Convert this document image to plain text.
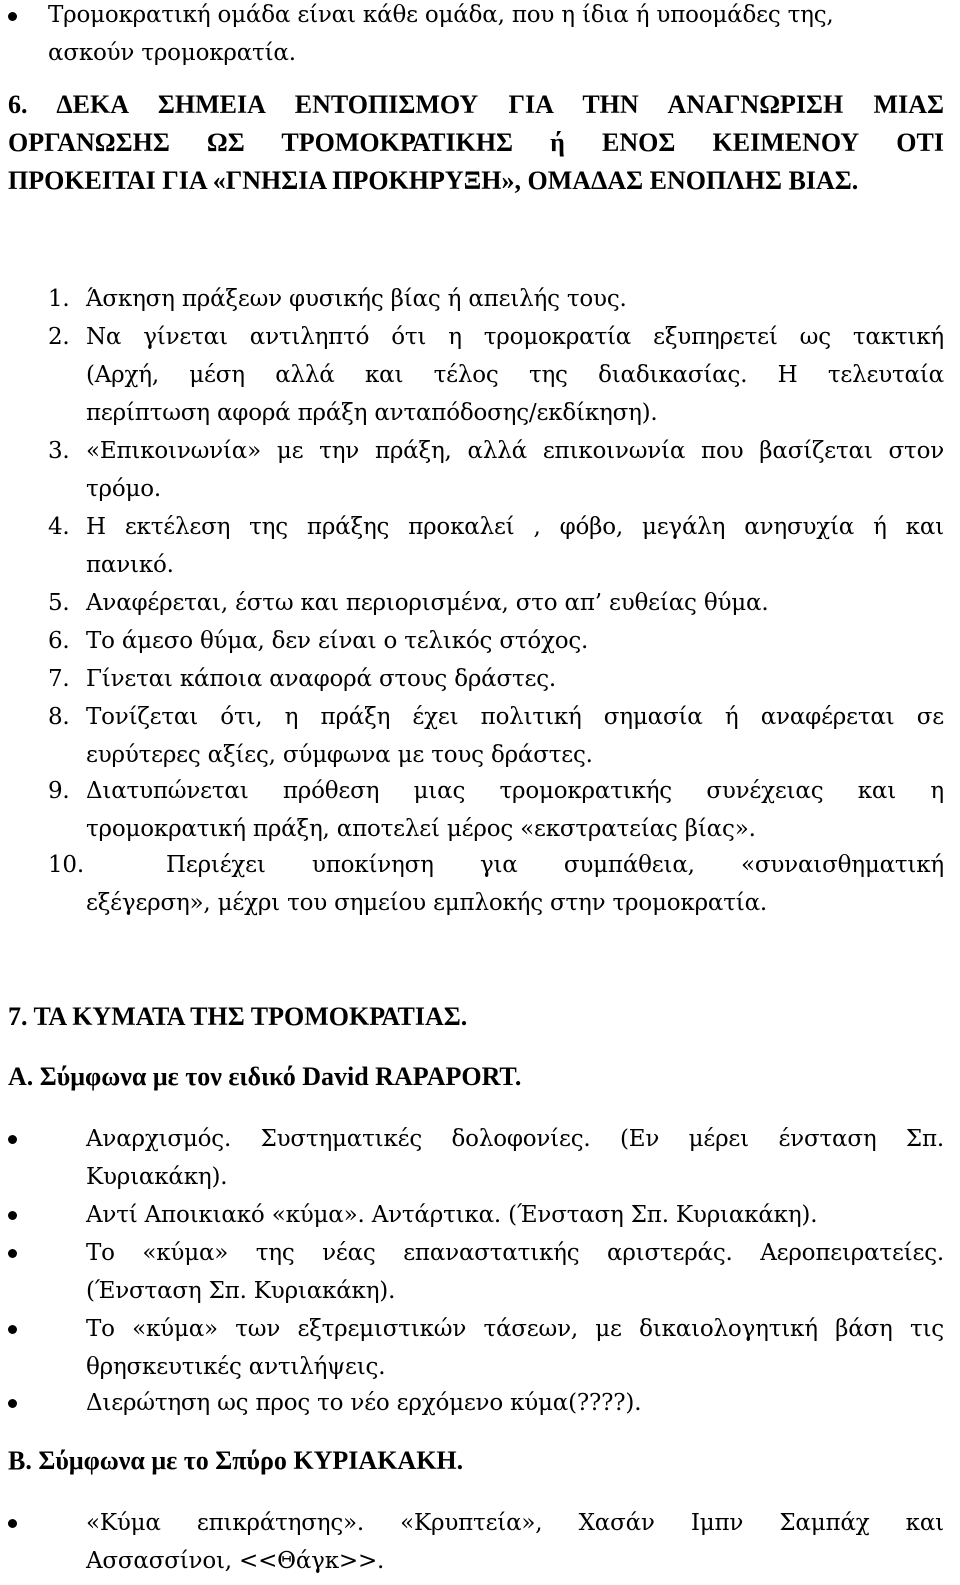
Τρομοκρατική ομάδα είναι κάθε ομάδα, που η ίδια ή υποομάδες της,
ασκούν τρομοκρατία.
6. ΔΕΚΑ ΣΗΜΕΙΑ ΕΝΤΟΠΙΣΜΟΥ ΓΙΑ ΤΗΝ ΑΝΑΓΝΩΡΙΣΗ ΜΙΑΣ
ΟΡΓΑΝΩΣΗΣ ΩΣ ΤΡΟΜΟΚΡΑΤΙΚΗΣ ή ΕΝΟΣ ΚΕΙΜΕΝΟΥ ΟΤΙ
ΠΡΟΚΕΙΤΑΙ ΓΙΑ «ΓΝΗΣΙΑ ΠΡΟΚΗΡΥΞΗ», ΟΜΑΔΑΣ ΕΝΟΠΛΗΣ ΒΙΑΣ.
1. Άσκηση πράξεων φυσικής βίας ή απειλής τους.
2. Να γίνεται αντιληπτό ότι η τρομοκρατία εξυπηρετεί ως τακτική
(Αρχή, μέση αλλά και τέλος της διαδικασίας. Η τελευταία
περίπτωση αφορά πράξη ανταπόδοσης/εκδίκηση).
3. «Επικοινωνία» με την πράξη, αλλά επικοινωνία που βασίζεται στον
τρόμο.
4. Η εκτέλεση της πράξης προκαλεί , φόβο, μεγάλη ανησυχία ή και
πανικό.
5. Αναφέρεται, έστω και περιορισμένα, στο απ’ ευθείας θύμα.
6. Το άμεσο θύμα, δεν είναι ο τελικός στόχος.
7. Γίνεται κάποια αναφορά στους δράστες.
8. Τονίζεται ότι, η πράξη έχει πολιτική σημασία ή αναφέρεται σε
ευρύτερες αξίες, σύμφωνα με τους δράστες.
9. Διατυπώνεται πρόθεση μιας τρομοκρατικής συνέχειας και η
τρομοκρατική πράξη, αποτελεί μέρος «εκστρατείας βίας».
10.	Περιέχει υποκίνηση για συμπάθεια, «συναισθηματική
εξέγερση», μέχρι του σημείου εμπλοκής στην τρομοκρατία.
7. ΤΑ ΚΥΜΑΤΑ ΤΗΣ ΤΡΟΜΟΚΡΑΤΙΑΣ.
Α. Σύμφωνα με τον ειδικό David RAPAPORT.
Αναρχισμός. Συστηματικές δολοφονίες. (Εν μέρει ένσταση Σπ.
Κυριακάκη).
Αντί Αποικιακό «κύμα». Αντάρτικα. (Ένσταση Σπ. Κυριακάκη).
Το «κύμα» της νέας επαναστατικής αριστεράς. Αεροπειρατείες.
(Ένσταση Σπ. Κυριακάκη).
Το «κύμα» των εξτρεμιστικών τάσεων, με δικαιολογητική βάση τις
θρησκευτικές αντιλήψεις.
Διερώτηση ως προς το νέο ερχόμενο κύμα(????).
Β. Σύμφωνα με το Σπύρο ΚΥΡΙΑΚΑΚΗ.
«Κύμα επικράτησης». «Κρυπτεία», Χασάν Ιμπν Σαμπάχ και
Ασσασσίνοι, <<Θάγκ>>.
